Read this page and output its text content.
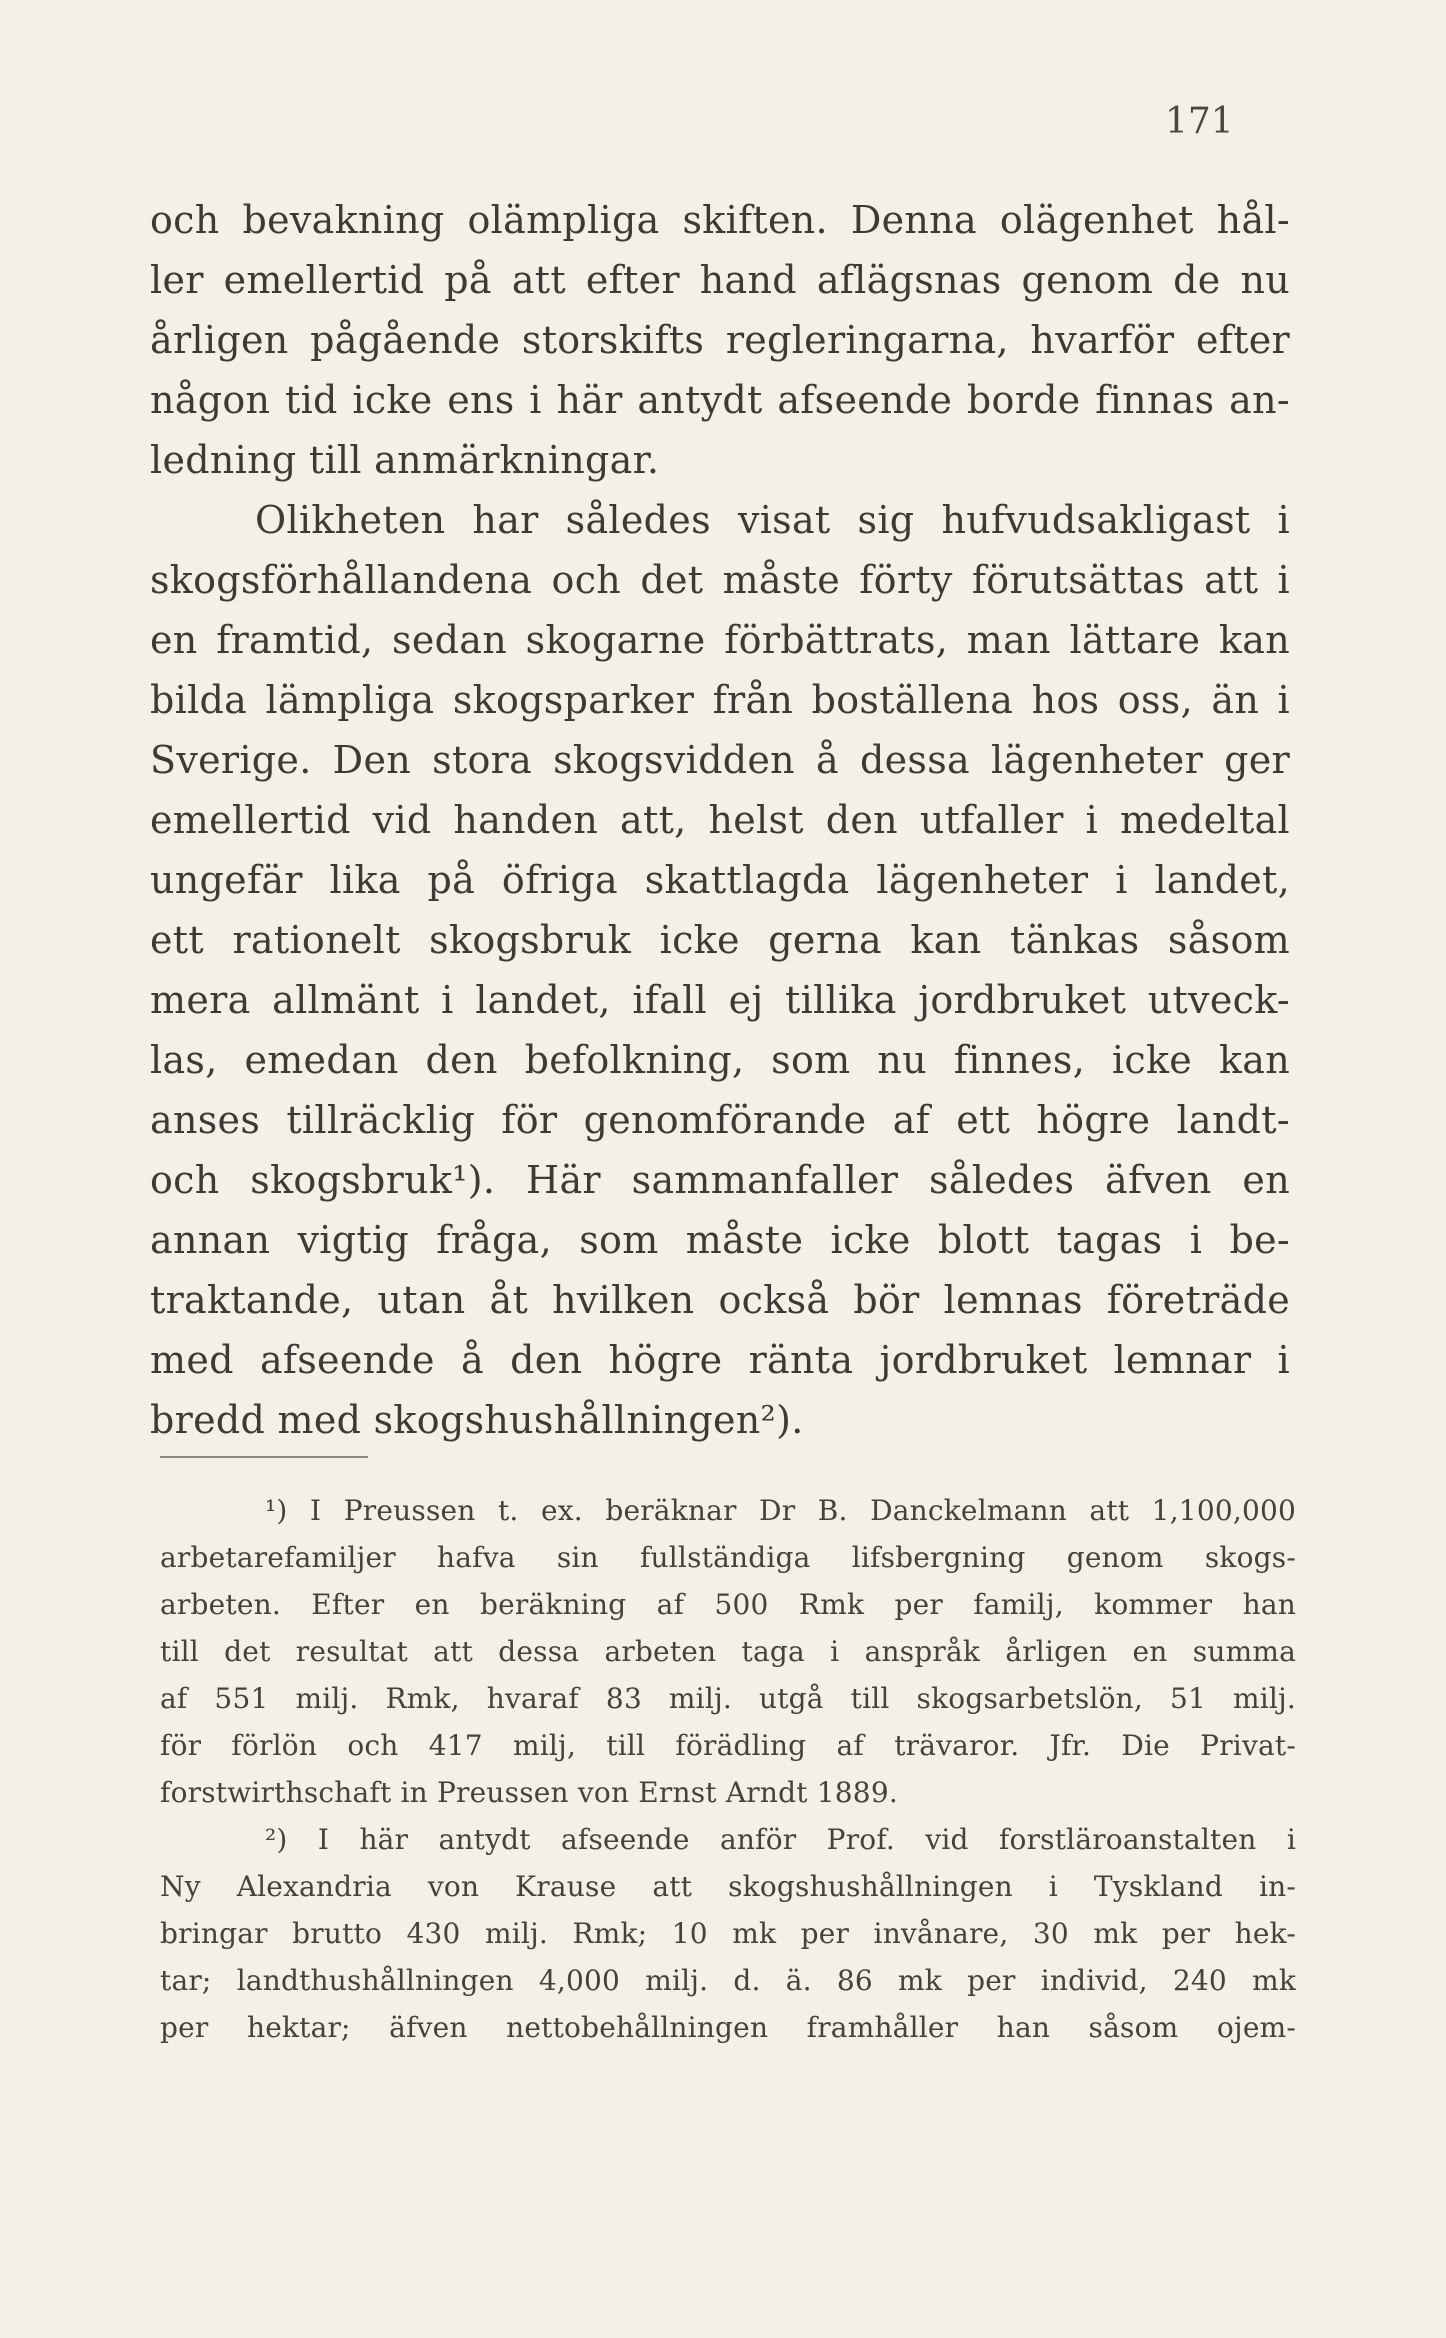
171
och bevakning olämpliga skiften. Denna olägenhet hål-
ler emellertid på att efter hand aflägsnas genom de nu
årligen pågående storskifts regleringarna, hvarför efter
någon tid icke ens i här antydt afseende borde finnas an-
ledning till anmärkningar.
Olikheten har således visat sig hufvudsakligast i
skogsförhållandena och det måste förty förutsättas att i
en framtid, sedan skogarne förbättrats, man lättare kan
bilda lämpliga skogsparker från boställena hos oss, än i
Sverige. Den stora skogsvidden å dessa lägenheter ger
emellertid vid handen att, helst den utfaller i medeltal
ungefär lika på öfriga skattlagda lägenheter i landet,
ett rationelt skogsbruk icke gerna kan tänkas såsom
mera allmänt i landet, ifall ej tillika jordbruket utveck-
las, emedan den befolkning, som nu finnes, icke kan
anses tillräcklig för genomförande af ett högre landt-
och skogsbruk¹). Här sammanfaller således äfven en
annan vigtig fråga, som måste icke blott tagas i be-
traktande, utan åt hvilken också bör lemnas företräde
med afseende å den högre ränta jordbruket lemnar i
bredd med skogshushållningen²).
¹) I Preussen t. ex. beräknar Dr B. Danckelmann att 1,100,000
arbetarefamiljer hafva sin fullständiga lifsbergning genom skogs-
arbeten. Efter en beräkning af 500 Rmk per familj, kommer han
till det resultat att dessa arbeten taga i anspråk årligen en summa
af 551 milj. Rmk, hvaraf 83 milj. utgå till skogsarbetslön, 51 milj.
för förlön och 417 milj, till förädling af trävaror. Jfr. Die Privat-
forstwirthschaft in Preussen von Ernst Arndt 1889.
²) I här antydt afseende anför Prof. vid forstläroanstalten i
Ny Alexandria von Krause att skogshushållningen i Tyskland in-
bringar brutto 430 milj. Rmk; 10 mk per invånare, 30 mk per hek-
tar; landthushållningen 4,000 milj. d. ä. 86 mk per individ, 240 mk
per hektar; äfven nettobehållningen framhåller han såsom ojem-
